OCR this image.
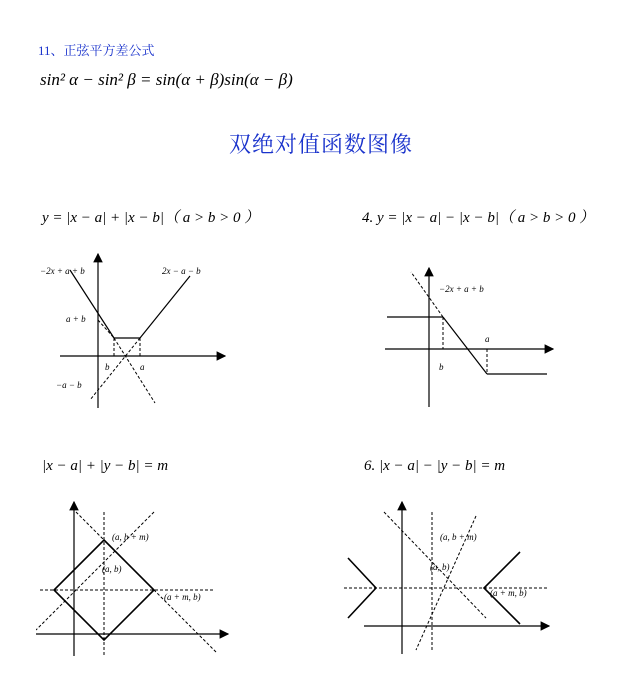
11、正弦平方差公式
sin² α − sin² β = sin(α + β)sin(α − β)
双绝对值函数图像
y = |x − a| + |x − b|（ a > b > 0 ）	4. y = |x − a| − |x − b|（ a > b > 0 ）
|x − a| + |y − b| = m	6. |x − a| − |y − b| = m
−2x + a + b	2x − a − b
a + b
−a − b
b	a
−2x + a + b
a
b
(a, b + m)
(a, b)
(a + m, b)
(a, b + m)
(a, b)
(a + m, b)
